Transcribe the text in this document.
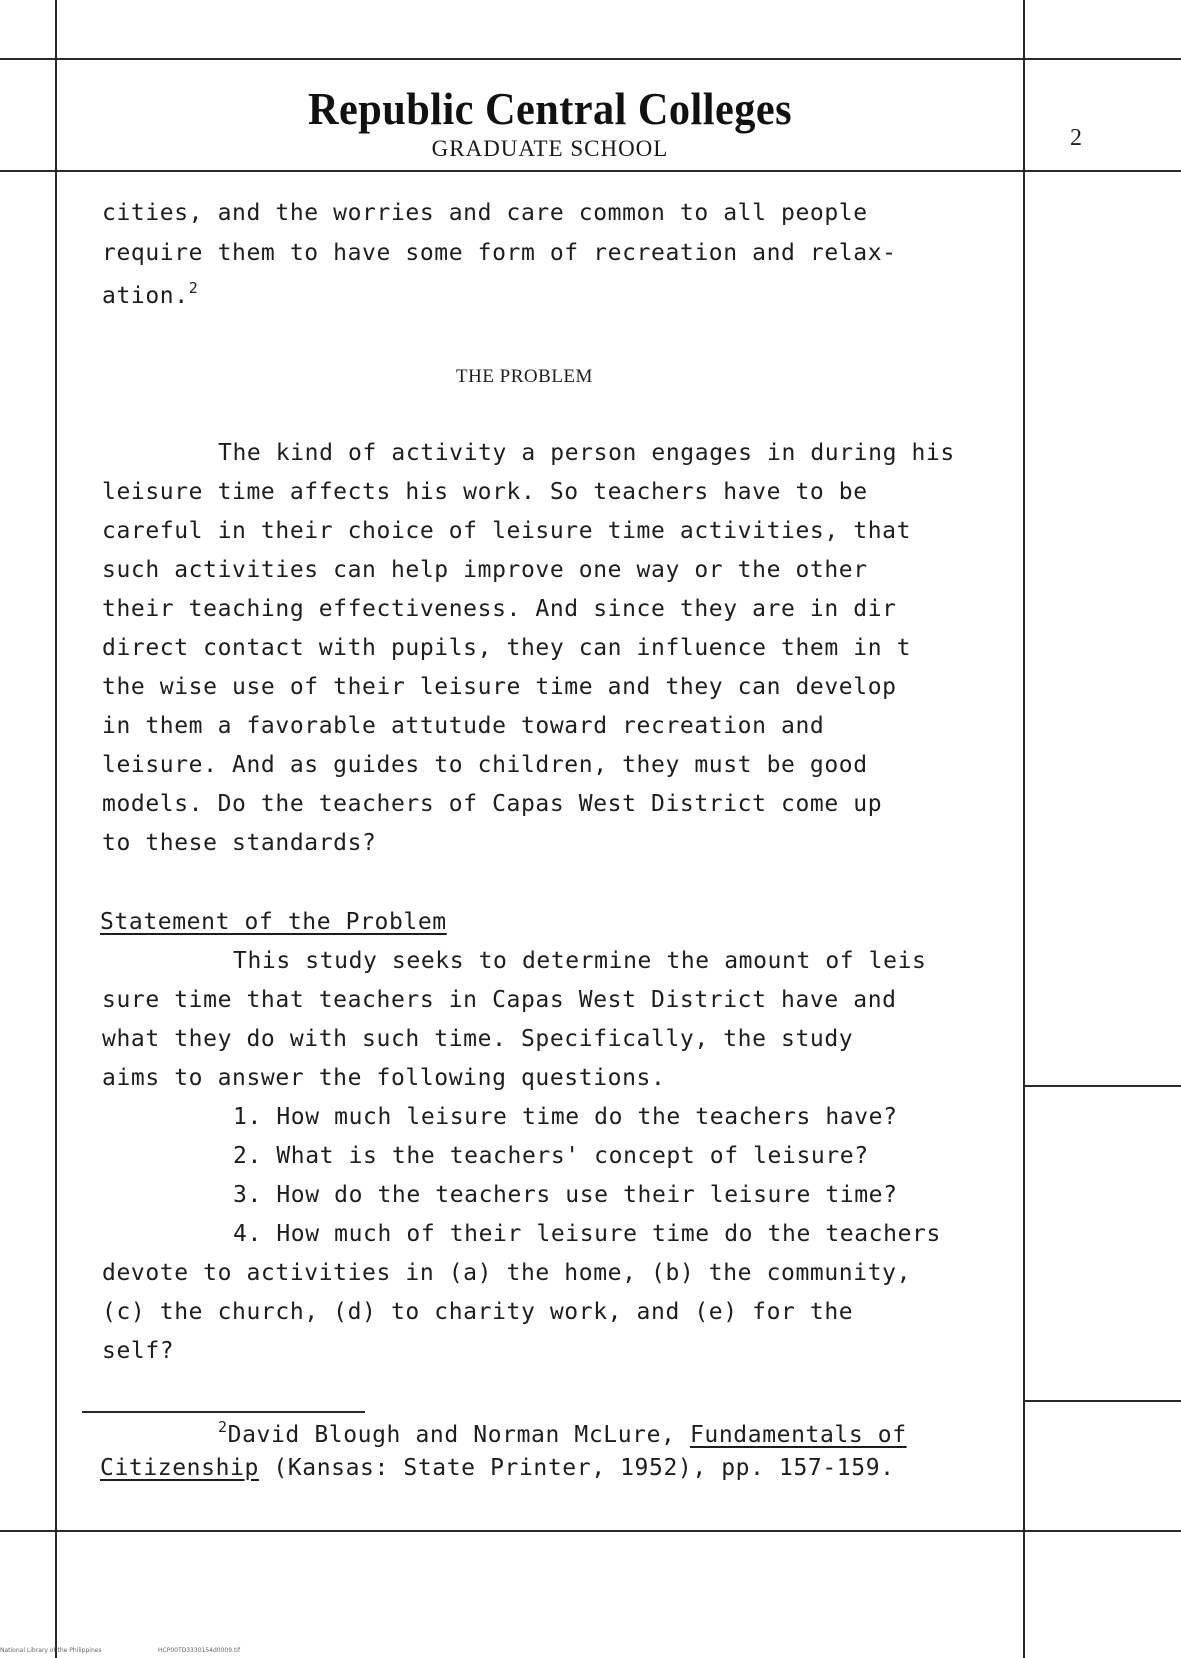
Republic Central Colleges
GRADUATE SCHOOL	2
cities, and the worries and care common to all people
require them to have some form of recreation and relax-
ation.$^2$
THE PROBLEM
The kind of activity a person engages in during his
leisure time affects his work. So teachers have to be
careful in their choice of leisure time activities, that
such activities can help improve one way or the other
their teaching effectiveness. And since they are in dir
direct contact with pupils, they can influence them in t
the wise use of their leisure time and they can develop
in them a favorable attutude toward recreation and
leisure. And as guides to children, they must be good
models. Do the teachers of Capas West District come up
to these standards?
Statement of the Problem
This study seeks to determine the amount of leis
sure time that teachers in Capas West District have and
what they do with such time. Specifically, the study
aims to answer the following questions.
1. How much leisure time do the teachers have?
2. What is the teachers' concept of leisure?
3. How do the teachers use their leisure time?
4. How much of their leisure time do the teachers
devote to activities in (a) the home, (b) the community,
(c) the church, (d) to charity work, and (e) for the
self?
$^2$David Blough and Norman McLure, Fundamentals of
Citizenship (Kansas: State Printer, 1952), pp. 157-159.
National Library of the Philippines	HCP00TD3330154d0009.tif
